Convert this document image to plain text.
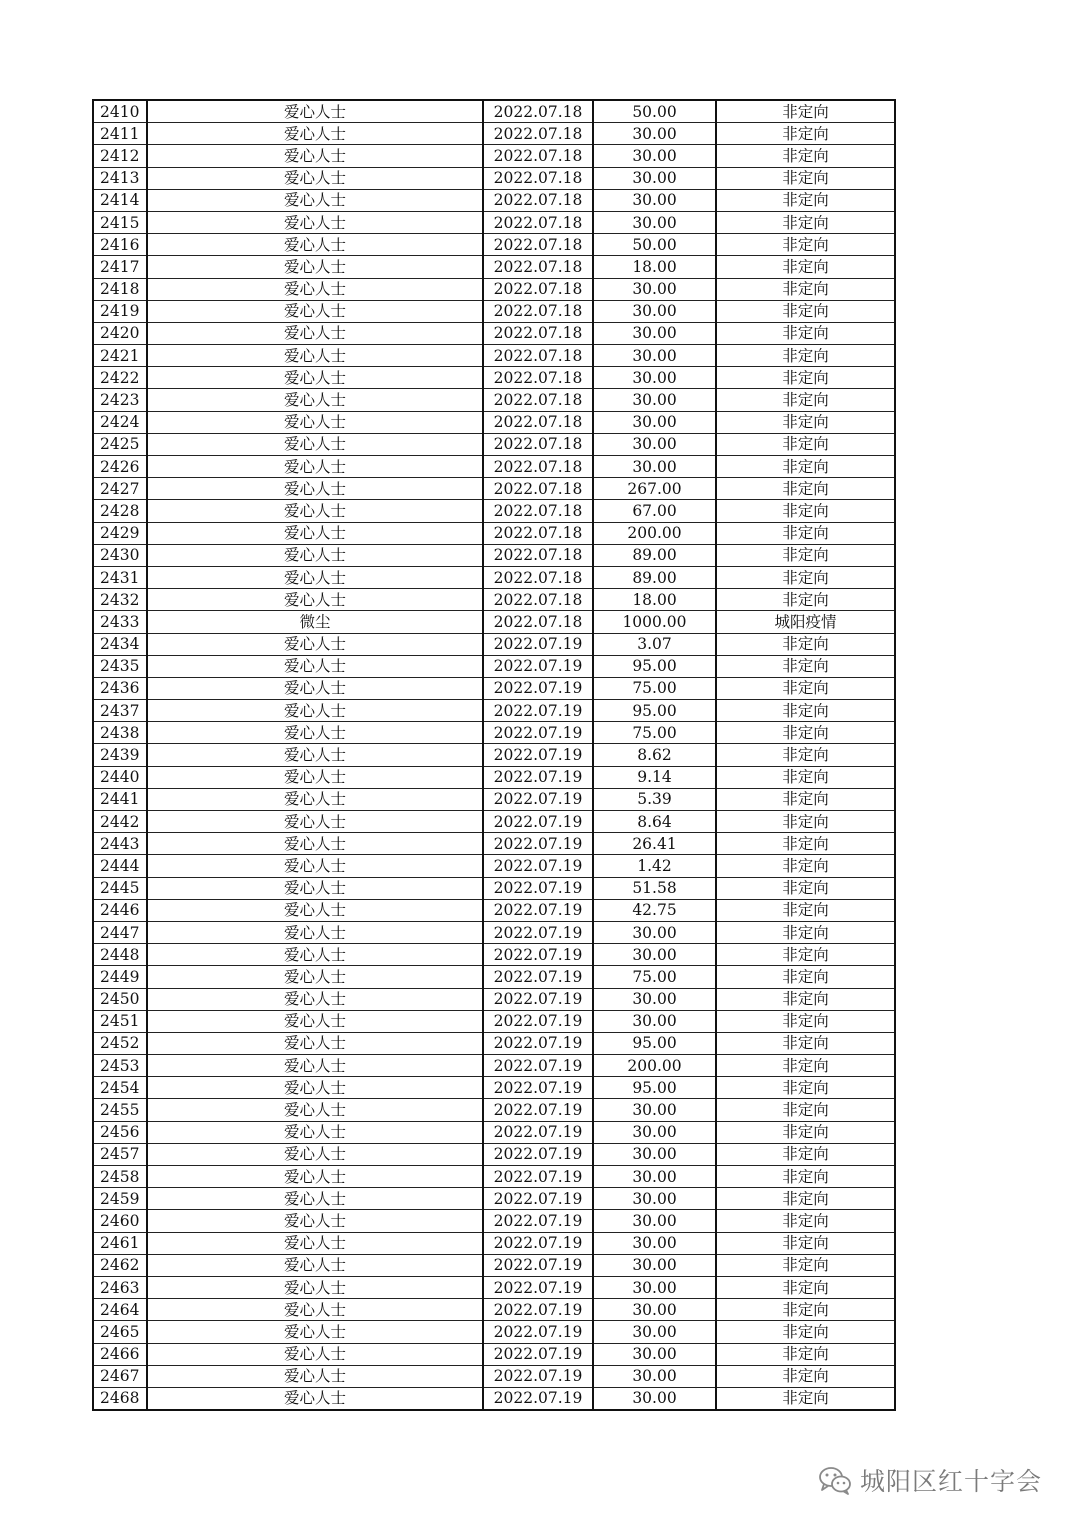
2410	爱心人士	2022.07.18	50.00	非定向
2411	爱心人士	2022.07.18	30.00	非定向
2412	爱心人士	2022.07.18	30.00	非定向
2413	爱心人士	2022.07.18	30.00	非定向
2414	爱心人士	2022.07.18	30.00	非定向
2415	爱心人士	2022.07.18	30.00	非定向
2416	爱心人士	2022.07.18	50.00	非定向
2417	爱心人士	2022.07.18	18.00	非定向
2418	爱心人士	2022.07.18	30.00	非定向
2419	爱心人士	2022.07.18	30.00	非定向
2420	爱心人士	2022.07.18	30.00	非定向
2421	爱心人士	2022.07.18	30.00	非定向
2422	爱心人士	2022.07.18	30.00	非定向
2423	爱心人士	2022.07.18	30.00	非定向
2424	爱心人士	2022.07.18	30.00	非定向
2425	爱心人士	2022.07.18	30.00	非定向
2426	爱心人士	2022.07.18	30.00	非定向
2427	爱心人士	2022.07.18	267.00	非定向
2428	爱心人士	2022.07.18	67.00	非定向
2429	爱心人士	2022.07.18	200.00	非定向
2430	爱心人士	2022.07.18	89.00	非定向
2431	爱心人士	2022.07.18	89.00	非定向
2432	爱心人士	2022.07.18	18.00	非定向
2433	微尘	2022.07.18	1000.00	城阳疫情
2434	爱心人士	2022.07.19	3.07	非定向
2435	爱心人士	2022.07.19	95.00	非定向
2436	爱心人士	2022.07.19	75.00	非定向
2437	爱心人士	2022.07.19	95.00	非定向
2438	爱心人士	2022.07.19	75.00	非定向
2439	爱心人士	2022.07.19	8.62	非定向
2440	爱心人士	2022.07.19	9.14	非定向
2441	爱心人士	2022.07.19	5.39	非定向
2442	爱心人士	2022.07.19	8.64	非定向
2443	爱心人士	2022.07.19	26.41	非定向
2444	爱心人士	2022.07.19	1.42	非定向
2445	爱心人士	2022.07.19	51.58	非定向
2446	爱心人士	2022.07.19	42.75	非定向
2447	爱心人士	2022.07.19	30.00	非定向
2448	爱心人士	2022.07.19	30.00	非定向
2449	爱心人士	2022.07.19	75.00	非定向
2450	爱心人士	2022.07.19	30.00	非定向
2451	爱心人士	2022.07.19	30.00	非定向
2452	爱心人士	2022.07.19	95.00	非定向
2453	爱心人士	2022.07.19	200.00	非定向
2454	爱心人士	2022.07.19	95.00	非定向
2455	爱心人士	2022.07.19	30.00	非定向
2456	爱心人士	2022.07.19	30.00	非定向
2457	爱心人士	2022.07.19	30.00	非定向
2458	爱心人士	2022.07.19	30.00	非定向
2459	爱心人士	2022.07.19	30.00	非定向
2460	爱心人士	2022.07.19	30.00	非定向
2461	爱心人士	2022.07.19	30.00	非定向
2462	爱心人士	2022.07.19	30.00	非定向
2463	爱心人士	2022.07.19	30.00	非定向
2464	爱心人士	2022.07.19	30.00	非定向
2465	爱心人士	2022.07.19	30.00	非定向
2466	爱心人士	2022.07.19	30.00	非定向
2467	爱心人士	2022.07.19	30.00	非定向
2468	爱心人士	2022.07.19	30.00	非定向
城阳区红十字会
